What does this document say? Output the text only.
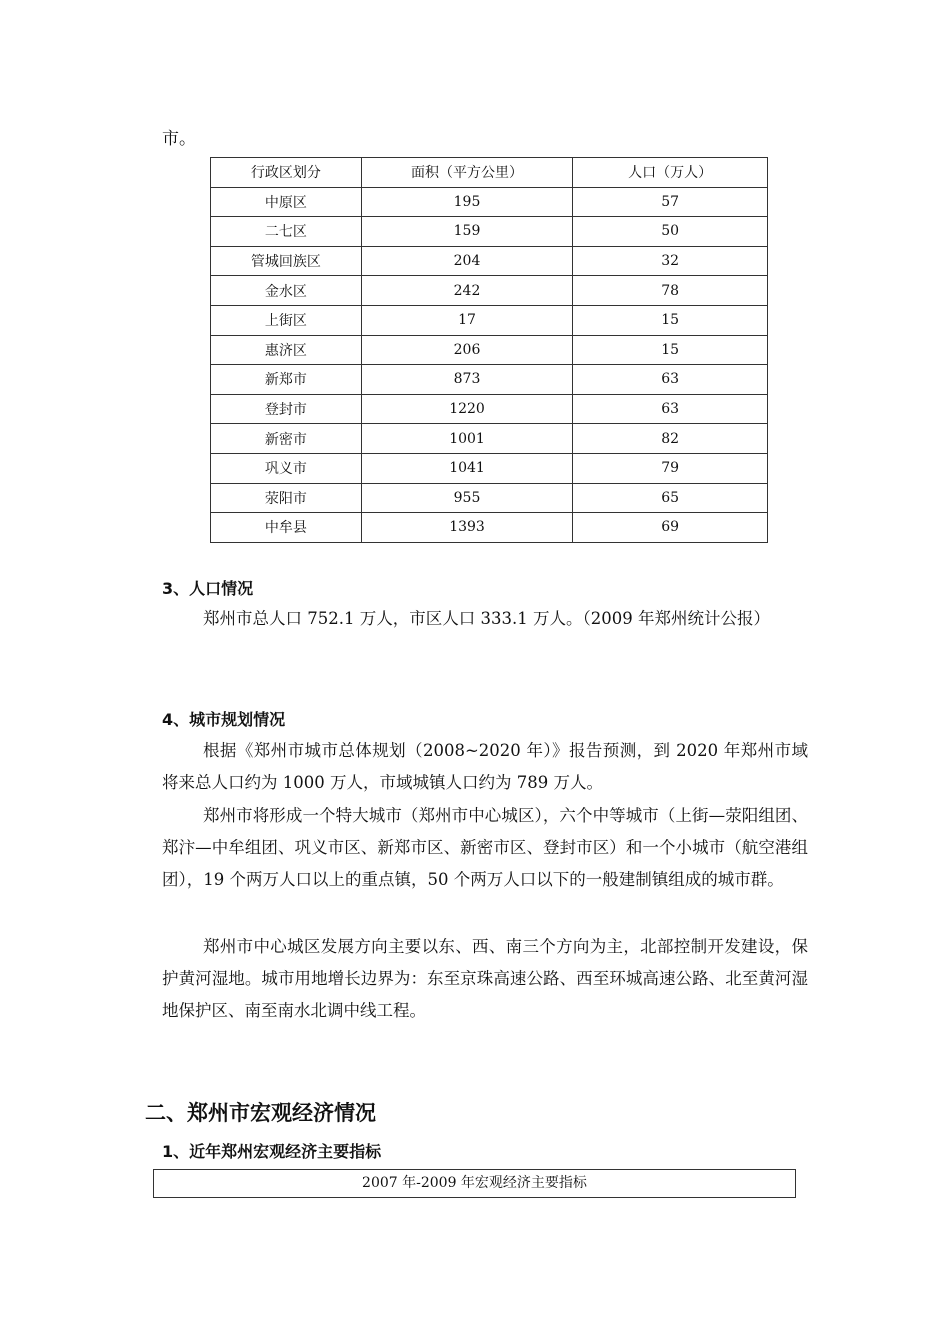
市。
行政区划分	面积（平方公里）	人口（万人）
中原区	195	57
二七区	159	50
管城回族区	204	32
金水区	242	78
上街区	17	15
惠济区	206	15
新郑市	873	63
登封市	1220	63
新密市	1001	82
巩义市	1041	79
荥阳市	955	65
中牟县	1393	69
3、人口情况

郑州市总人口 752.1 万人，市区人口 333.1 万人。（2009 年郑州统计公报）

4、城市规划情况

根据《郑州市城市总体规划（2008~2020 年）》报告预测，到 2020 年郑州市域将来总人口约为 1000 万人，市域城镇人口约为 789 万人。

郑州市将形成一个特大城市（郑州市中心城区），六个中等城市（上街—荥阳组团、郑汴—中牟组团、巩义市区、新郑市区、新密市区、登封市区）和一个小城市（航空港组团），19 个两万人口以上的重点镇，50 个两万人口以下的一般建制镇组成的城市群。

郑州市中心城区发展方向主要以东、西、南三个方向为主，北部控制开发建设，保护黄河湿地。城市用地增长边界为：东至京珠高速公路、西至环城高速公路、北至黄河湿地保护区、南至南水北调中线工程。

二、郑州市宏观经济情况
1、近年郑州宏观经济主要指标
2007 年-2009 年宏观经济主要指标
